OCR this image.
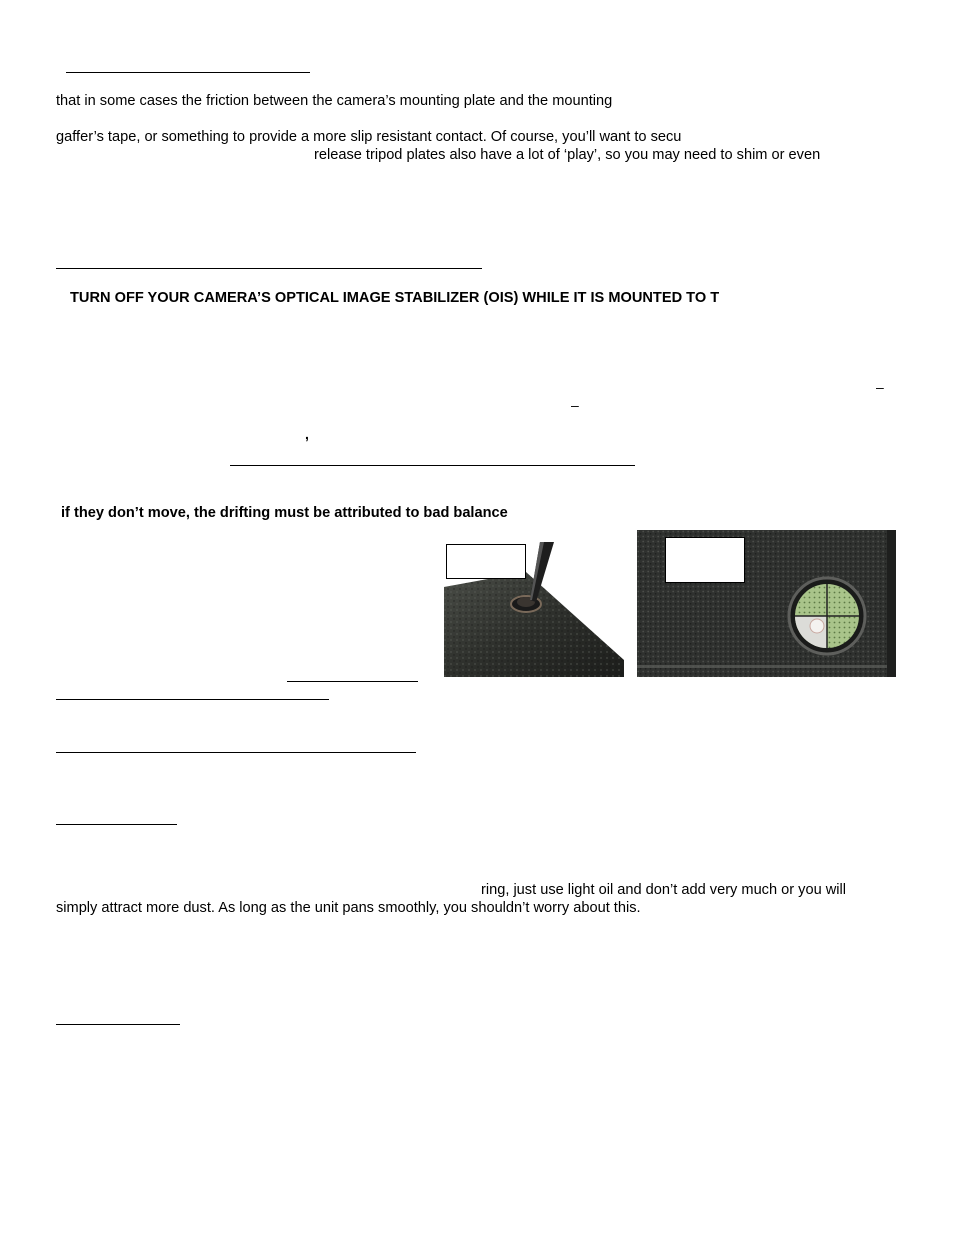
that in some cases the friction between the camera’s mounting plate and the mounting
gaffer’s tape, or something to provide a more slip resistant contact. Of course, you’ll want to secu
release tripod plates also have a lot of ‘play’, so you may need to shim or even
TURN OFF YOUR CAMERA’S OPTICAL IMAGE STABILIZER (OIS) WHILE IT IS MOUNTED TO T
–
–
,
if they don’t move, the drifting must be attributed to bad balance
ring, just use light oil and don’t add very much or you will
simply attract more dust. As long as the unit pans smoothly, you shouldn’t worry about this.
